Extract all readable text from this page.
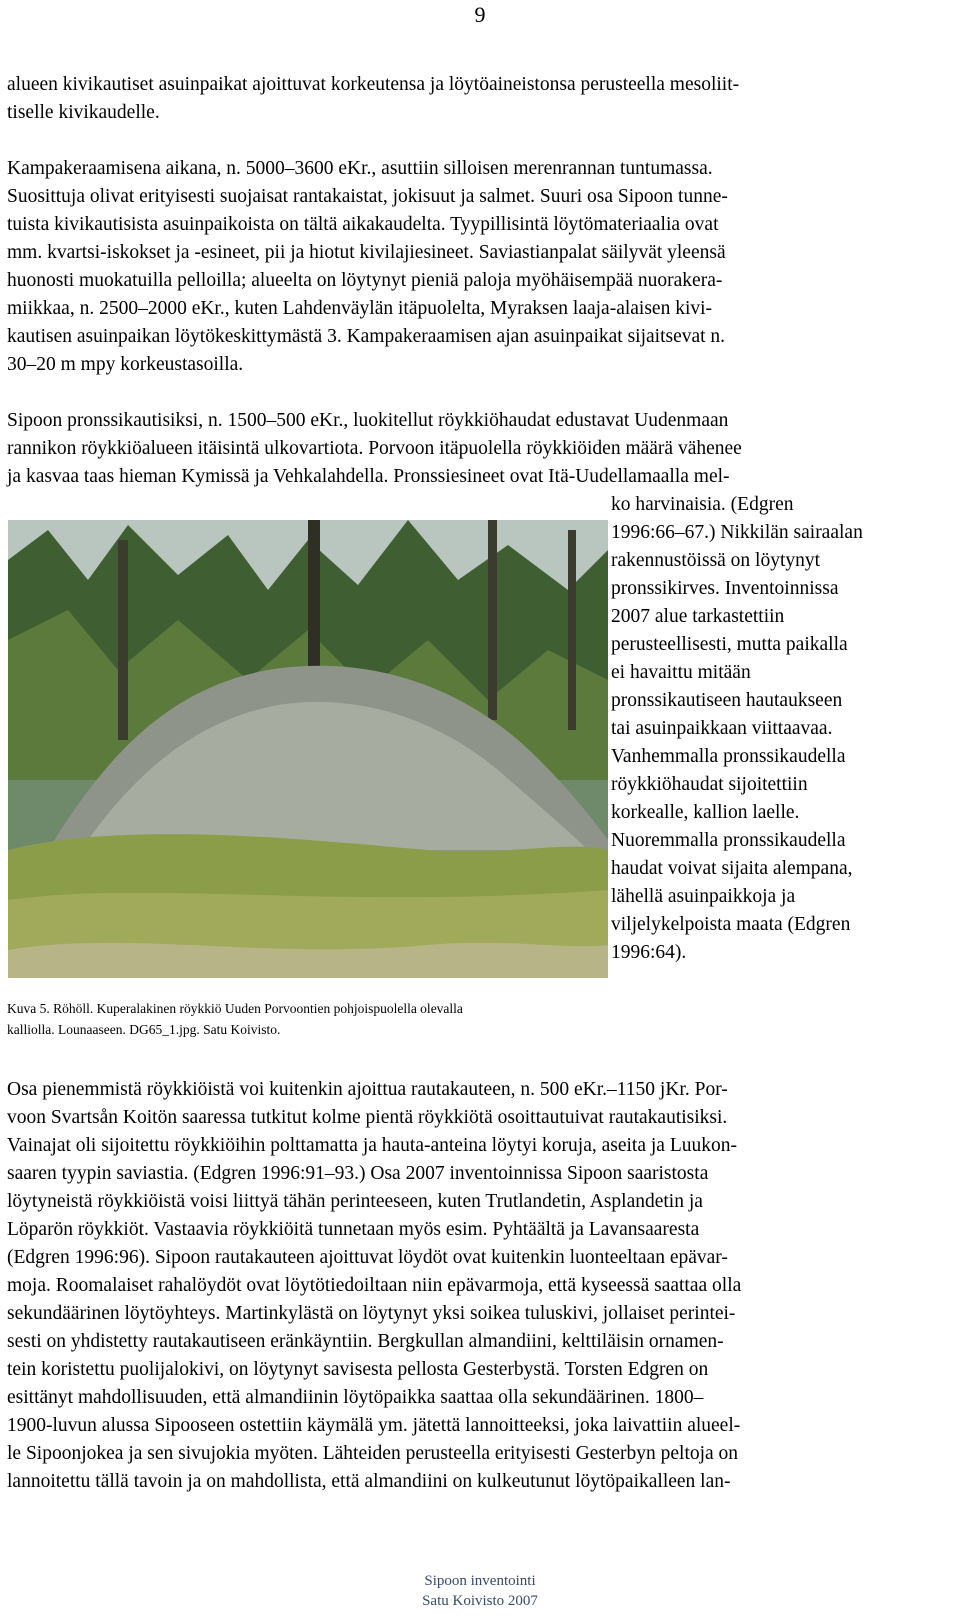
9
alueen kivikautiset asuinpaikat ajoittuvat korkeutensa ja löytöaineistonsa perusteella mesoliit-
tiselle kivikaudelle.
Kampakeraamisena aikana, n. 5000–3600 eKr., asuttiin silloisen merenrannan tuntumassa.
Suosittuja olivat erityisesti suojaisat rantakaistat, jokisuut ja salmet. Suuri osa Sipoon tunne-
tuista kivikautisista asuinpaikoista on tältä aikakaudelta. Tyypillisintä löytömateriaalia ovat
mm. kvartsi-iskokset ja -esineet, pii ja hiotut kivilajiesineet. Saviastianpalat säilyvät yleensä
huonosti muokatuilla pelloilla; alueelta on löytynyt pieniä paloja myöhäisempää nuorakera-
miikkaa, n. 2500–2000 eKr., kuten Lahdenväylän itäpuolelta, Myraksen laaja-alaisen kivi-
kautisen asuinpaikan löytökeskittymästä 3. Kampakeraamisen ajan asuinpaikat sijaitsevat n.
30–20 m mpy korkeustasoilla.
Sipoon pronssikautisiksi, n. 1500–500 eKr., luokitellut röykkiöhaudat edustavat Uudenmaan
rannikon röykkiöalueen itäisintä ulkovartiota. Porvoon itäpuolella röykkiöiden määrä vähenee
ja kasvaa taas hieman Kymissä ja Vehkalahdella. Pronssiesineet ovat Itä-Uudellamaalla mel-
ko harvinaisia. (Edgren
1996:66–67.) Nikkilän sairaalan
rakennustöissä on löytynyt
pronssikirves. Inventoinnissa
2007 alue tarkastettiin
perusteellisesti, mutta paikalla
ei havaittu mitään
pronssikautiseen hautaukseen
tai asuinpaikkaan viittaavaa.
Vanhemmalla pronssikaudella
röykkiöhaudat sijoitettiin
korkealle, kallion laelle.
Nuoremmalla pronssikaudella
haudat voivat sijaita alempana,
lähellä asuinpaikkoja ja
viljelykelpoista maata (Edgren
1996:64).
Kuva 5. Röhöll. Kuperalakinen röykkiö Uuden Porvoontien pohjoispuolella olevalla
kalliolla. Lounaaseen. DG65_1.jpg. Satu Koivisto.
Osa pienemmistä röykkiöistä voi kuitenkin ajoittua rautakauteen, n. 500 eKr.–1150 jKr. Por-
voon Svartsån Koitön saaressa tutkitut kolme pientä röykkiötä osoittautuivat rautakautisiksi.
Vainajat oli sijoitettu röykkiöihin polttamatta ja hauta-anteina löytyi koruja, aseita ja Luukon-
saaren tyypin saviastia. (Edgren 1996:91–93.) Osa 2007 inventoinnissa Sipoon saaristosta
löytyneistä röykkiöistä voisi liittyä tähän perinteeseen, kuten Trutlandetin, Asplandetin ja
Löparön röykkiöt. Vastaavia röykkiöitä tunnetaan myös esim. Pyhtäältä ja Lavansaaresta
(Edgren 1996:96). Sipoon rautakauteen ajoittuvat löydöt ovat kuitenkin luonteeltaan epävar-
moja. Roomalaiset rahalöydöt ovat löytötiedoiltaan niin epävarmoja, että kyseessä saattaa olla
sekundäärinen löytöyhteys. Martinkylästä on löytynyt yksi soikea tuluskivi, jollaiset perintei-
sesti on yhdistetty rautakautiseen eränkäyntiin. Bergkullan almandiini, kelttiläisin ornamen-
tein koristettu puolijalokivi, on löytynyt savisesta pellosta Gesterbystä. Torsten Edgren on
esittänyt mahdollisuuden, että almandiinin löytöpaikka saattaa olla sekundäärinen. 1800–
1900-luvun alussa Sipooseen ostettiin käymälä ym. jätettä lannoitteeksi, joka laivattiin alueel-
le Sipoonjokea ja sen sivujokia myöten. Lähteiden perusteella erityisesti Gesterbyn peltoja on
lannoitettu tällä tavoin ja on mahdollista, että almandiini on kulkeutunut löytöpaikalleen lan-
Sipoon inventointi
Satu Koivisto 2007
